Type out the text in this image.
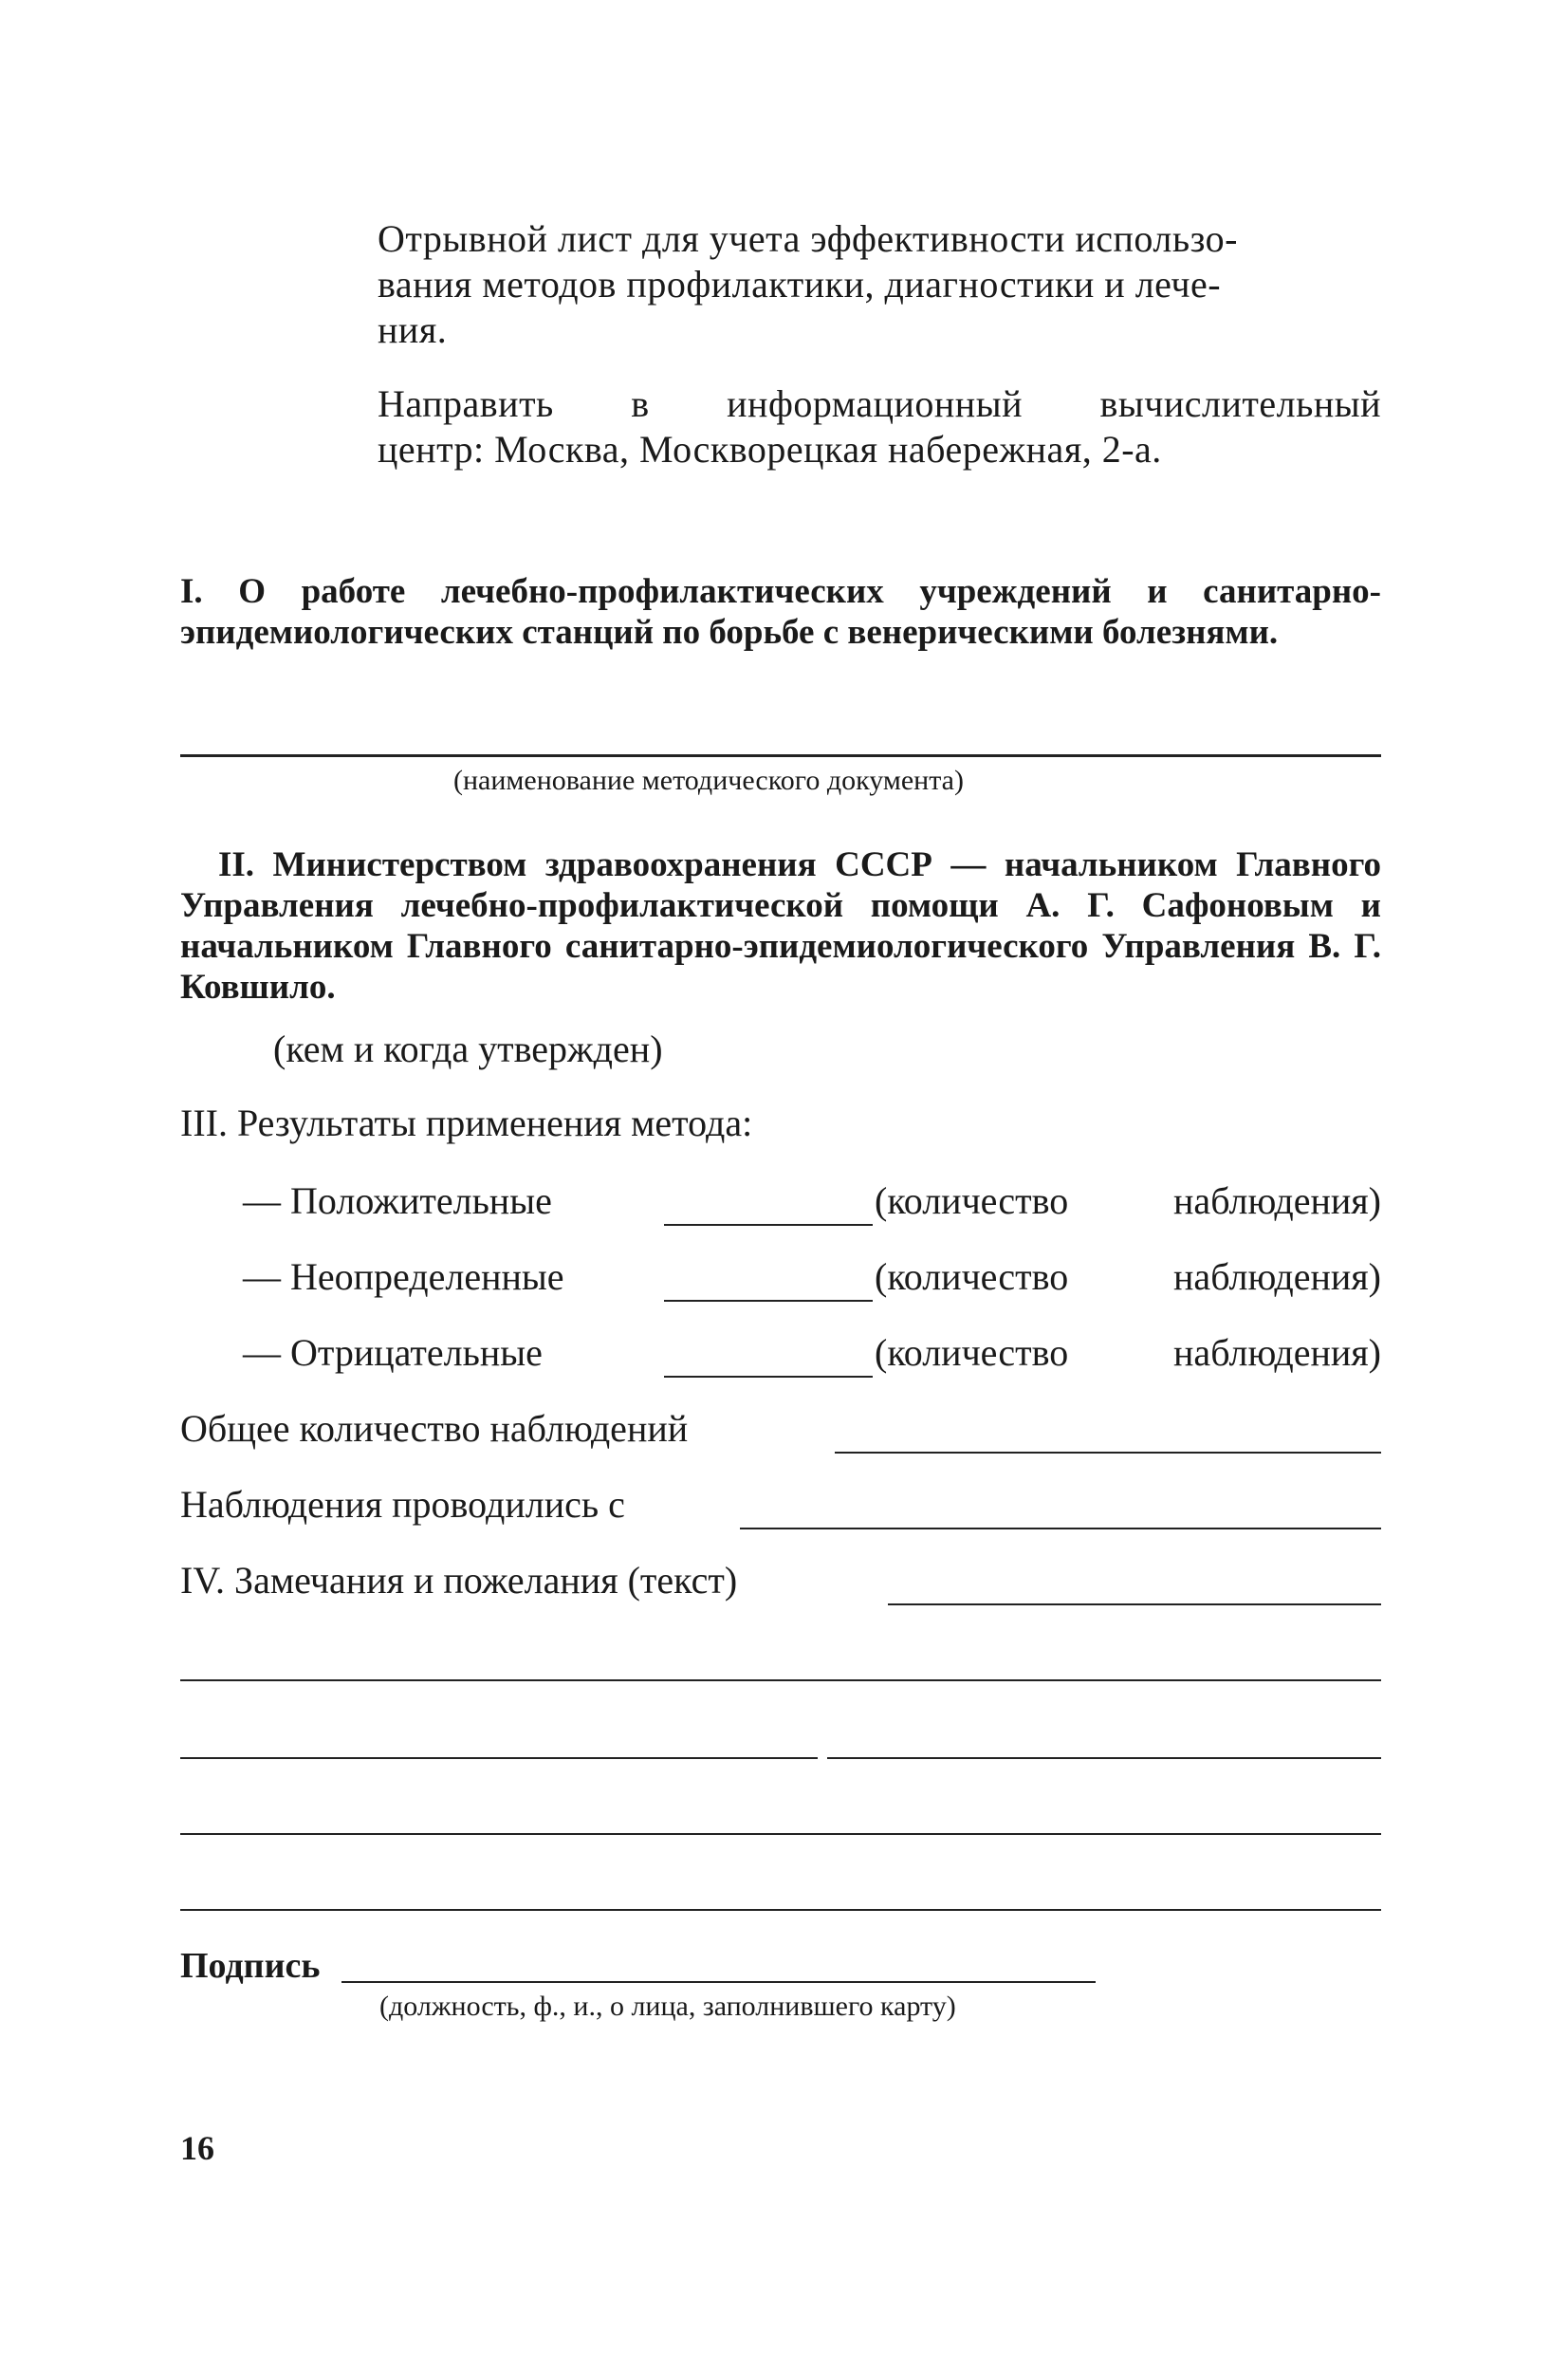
Отрывной лист для учета эффективности использо-
вания методов профилактики, диагностики и лече-
ния.

Направить в информационный вычислительный
центр: Москва, Москворецкая набережная, 2-а.

I. О работе лечебно-профилактических учреждений и санитарно-эпидемиологических станций по борьбе с венерическими болезнями.

(наименование методического документа)

II. Министерством здравоохранения СССР — начальником Главного Управления лечебно-профилактической помощи А. Г. Сафоновым и начальником Главного санитарно-эпидемиологического Управления В. Г. Ковшило.

(кем и когда утвержден)
III. Результаты применения метода:
— Положительные	(количество наблюдения)
— Неопределенные	(количество наблюдения)
— Отрицательные	(количество наблюдения)
Общее количество наблюдений
Наблюдения проводились с
IV. Замечания и пожелания (текст)
Подпись
(должность, ф., и., о лица, заполнившего карту)
16
